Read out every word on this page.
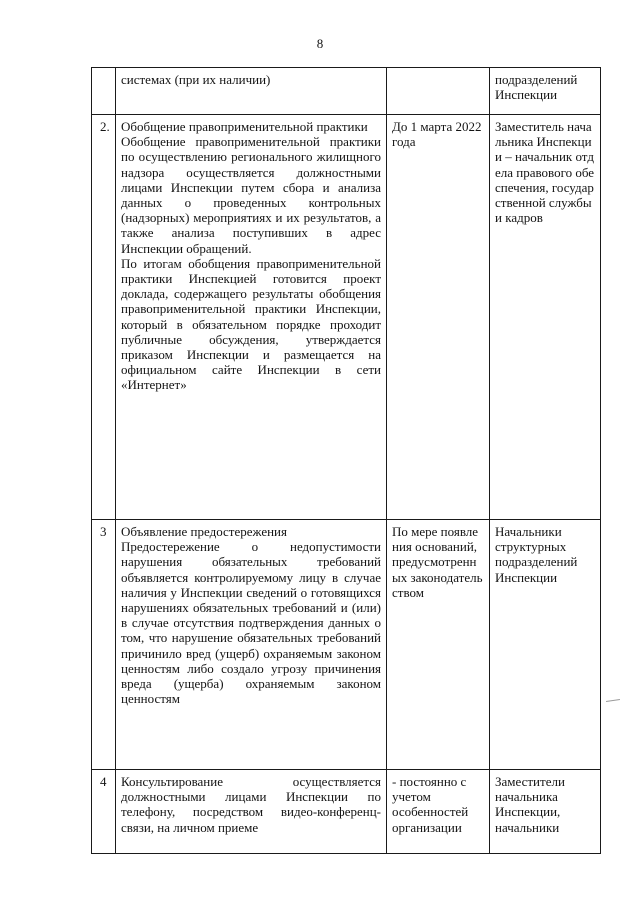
8

	системах (при их наличии)		подразделений Инспекции
2.	Обобщение правоприменительной практики

Обобщение правоприменительной практики по осуществлению регионального жилищного надзора осуществляется должностными лицами Инспекции путем сбора и анализа данных о проведенных контрольных (надзорных) мероприятиях и их результатов, а также анализа поступивших в адрес Инспекции обращений.

По итогам обобщения правоприменительной практики Инспекцией готовится проект доклада, содержащего результаты обобщения правоприменительной практики Инспекции, который в обязательном порядке проходит публичные обсуждения, утверждается приказом Инспекции и размещается на официальном сайте Инспекции в сети «Интернет»	До 1 марта 2022 года	Заместитель начальника Инспекции – начальник отдела правового обеспечения, государственной службы и кадров
3	Объявление предостережения

Предостережение о недопустимости нарушения обязательных требований объявляется контролируемому лицу в случае наличия у Инспекции сведений о готовящихся нарушениях обязательных требований и (или) в случае отсутствия подтверждения данных о том, что нарушение обязательных требований причинило вред (ущерб) охраняемым законом ценностям либо создало угрозу причинения вреда (ущерба) охраняемым законом ценностям	По мере появления оснований, предусмотренных законодательством	Начальники структурных подразделений Инспекции
4	Консультирование осуществляется должностными лицами Инспекции по телефону, посредством видео-конференц-связи, на личном приеме	- постоянно с учетом особенностей организации	Заместители начальника Инспекции, начальники
